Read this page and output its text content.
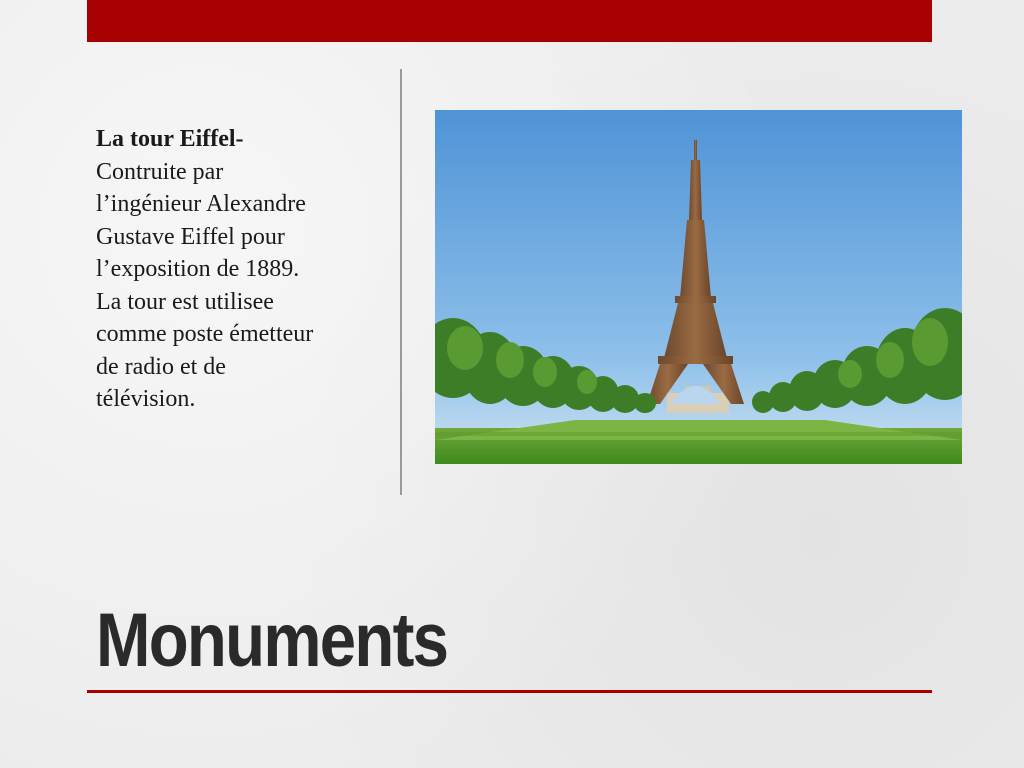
La tour Eiffel-
Contruite par
l’ingénieur Alexandre
Gustave Eiffel pour
l’exposition de 1889.
La tour est utilisee
comme poste émetteur
de radio et de
télévision.
Monuments
